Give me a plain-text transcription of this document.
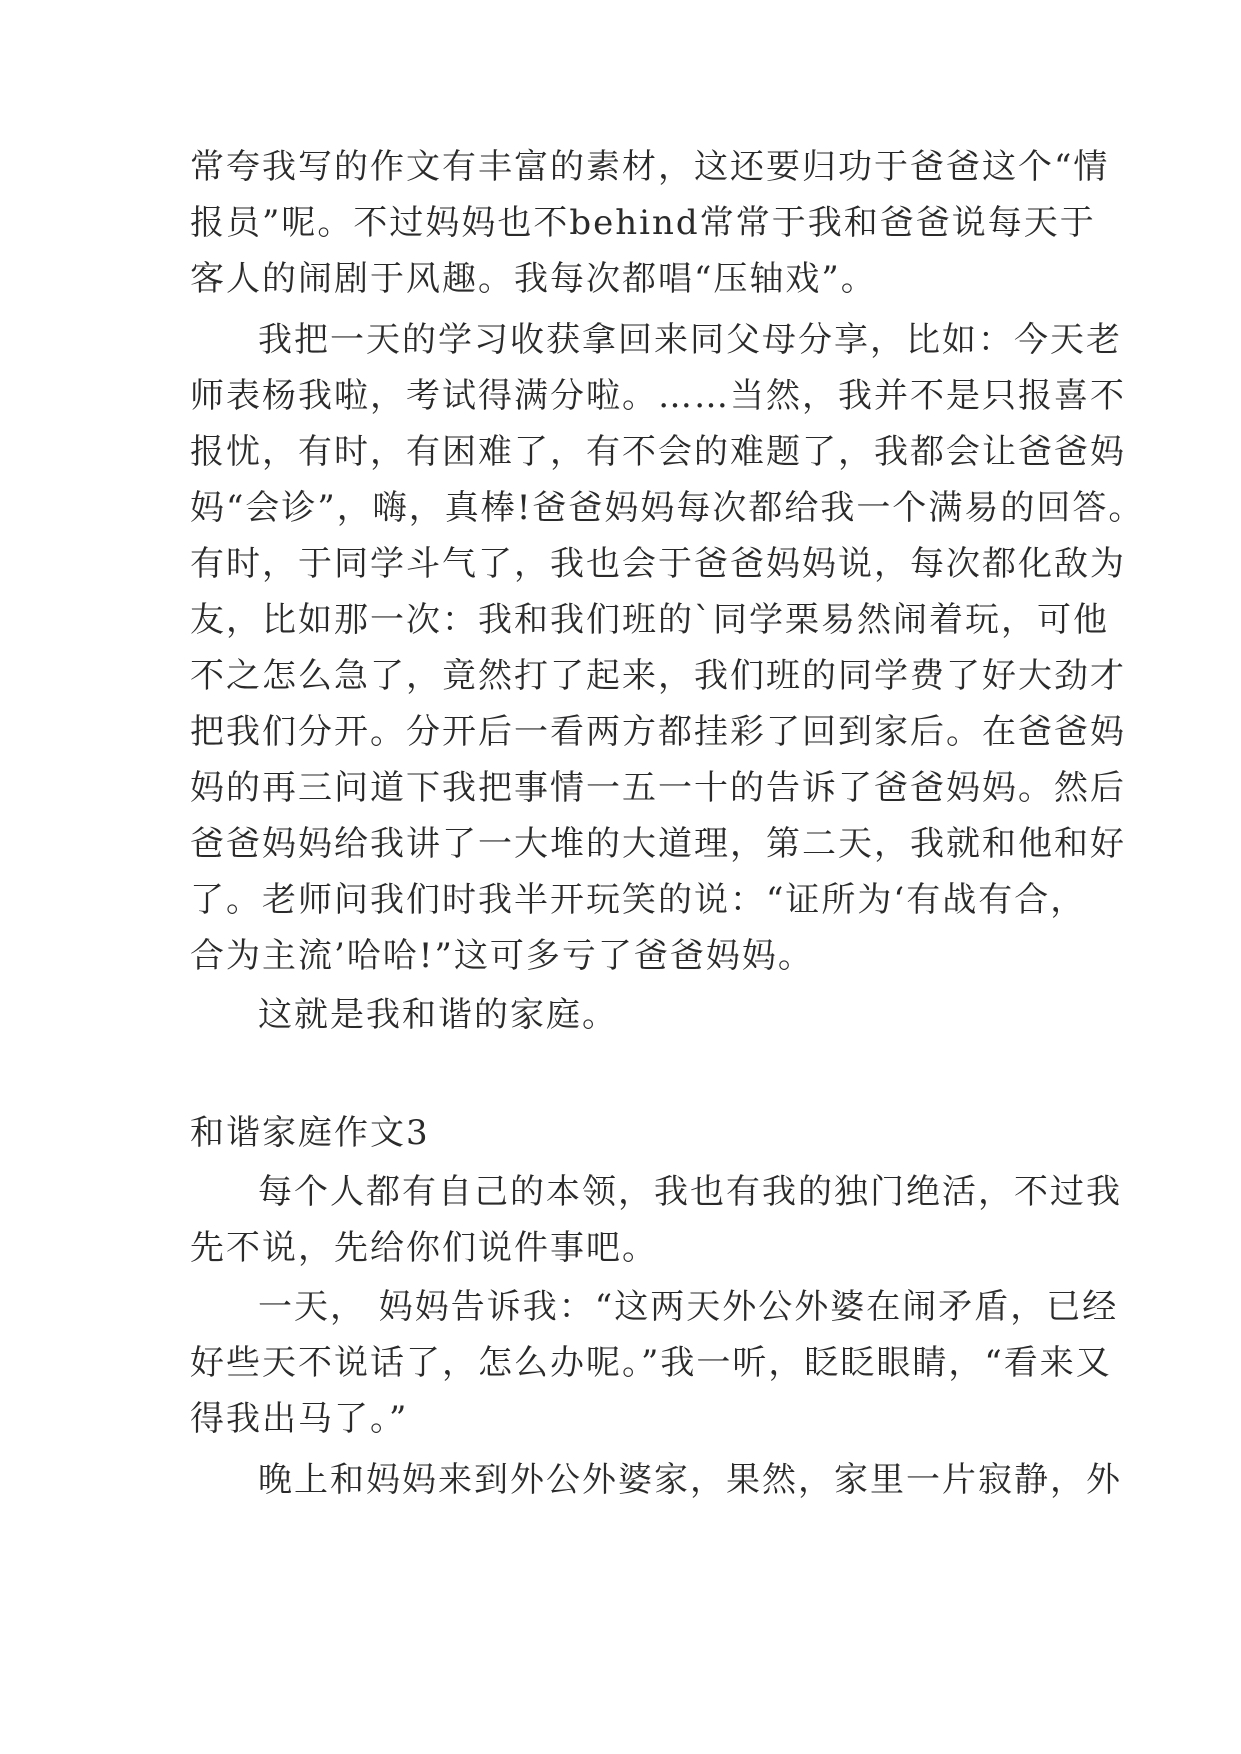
常夸我写的作文有丰富的素材，这还要归功于爸爸这个“情
报员”呢。不过妈妈也不behind常常于我和爸爸说每天于
客人的闹剧于风趣。我每次都唱“压轴戏”。
我把一天的学习收获拿回来同父母分享，比如：今天老
师表杨我啦，考试得满分啦。……当然，我并不是只报喜不
报忧，有时，有困难了，有不会的难题了，我都会让爸爸妈
妈“会诊”，嗨，真棒!爸爸妈妈每次都给我一个满易的回答。
有时，于同学斗气了，我也会于爸爸妈妈说，每次都化敌为
友，比如那一次：我和我们班的`同学栗易然闹着玩，可他
不之怎么急了，竟然打了起来，我们班的同学费了好大劲才
把我们分开。分开后一看两方都挂彩了回到家后。在爸爸妈
妈的再三问道下我把事情一五一十的告诉了爸爸妈妈。然后
爸爸妈妈给我讲了一大堆的大道理，第二天，我就和他和好
了。老师问我们时我半开玩笑的说：“证所为‘有战有合，
合为主流’哈哈!”这可多亏了爸爸妈妈。
这就是我和谐的家庭。
和谐家庭作文3
每个人都有自己的本领，我也有我的独门绝活，不过我
先不说，先给你们说件事吧。
一天， 妈妈告诉我：“这两天外公外婆在闹矛盾，已经
好些天不说话了，怎么办呢。”我一听，眨眨眼睛，“看来又
得我出马了。”
晚上和妈妈来到外公外婆家，果然，家里一片寂静，外
